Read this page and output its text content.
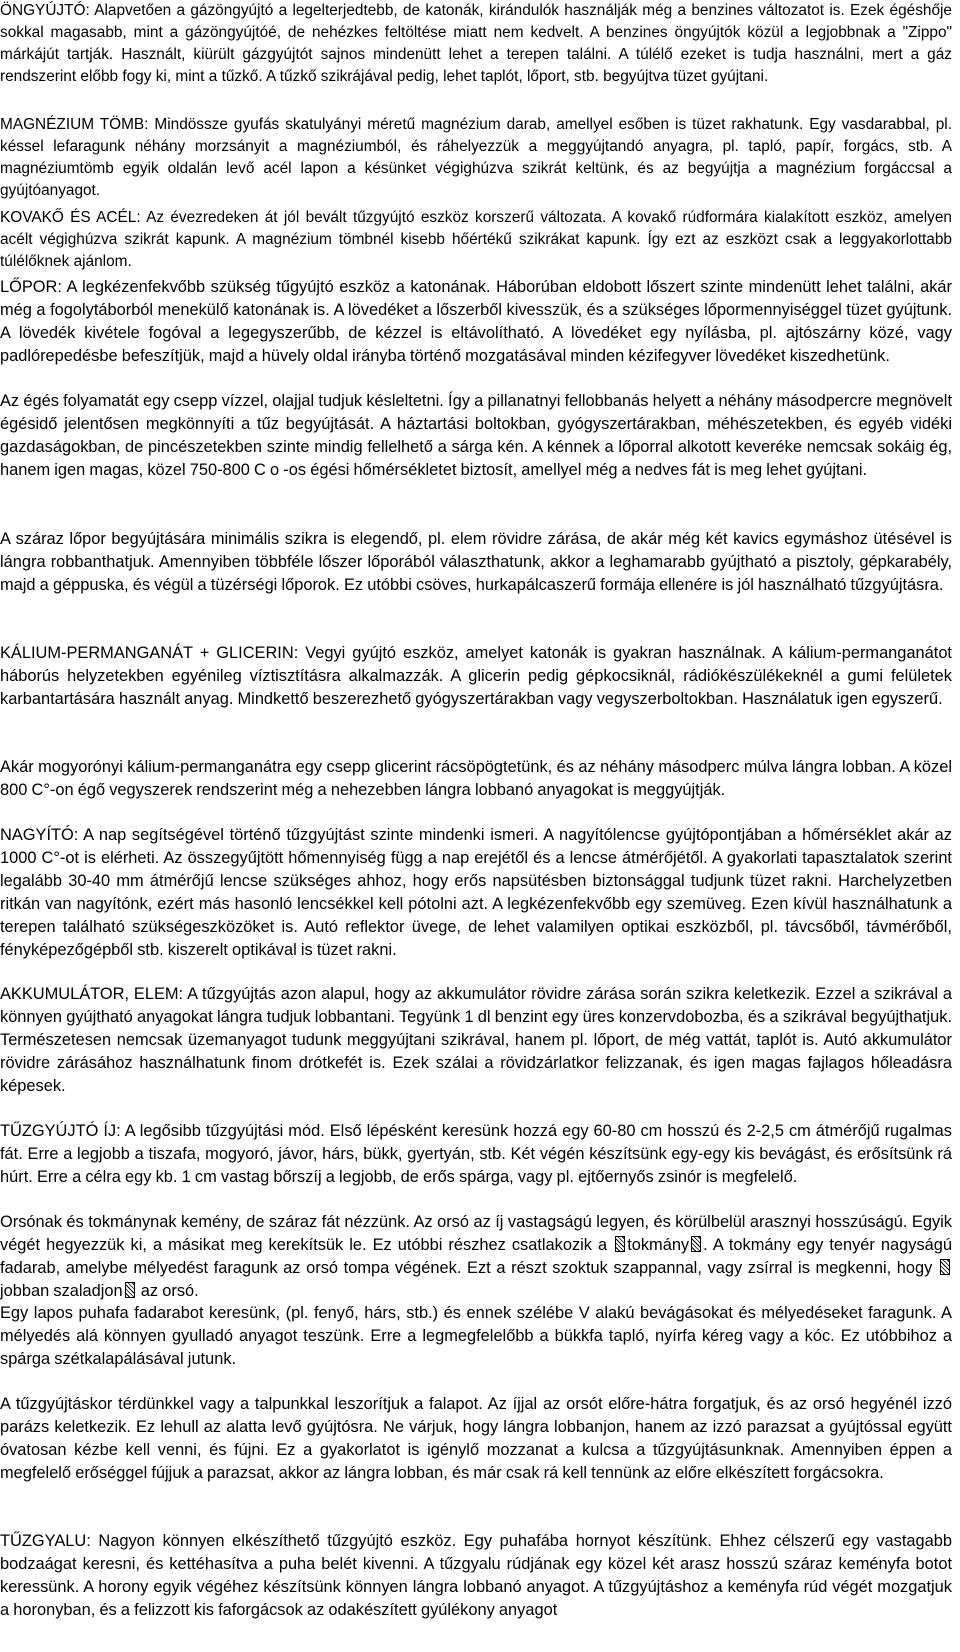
ÖNGYÚJTÓ: Alapvetően a gázöngyújtó a legelterjedtebb, de katonák, kirándulók használják még a benzines változatot is. Ezek égéshője sokkal magasabb, mint a gázöngyújtóé, de nehézkes feltöltése miatt nem kedvelt. A benzines öngyújtók közül a legjobbnak a "Zippo" márkájút tartják. Használt, kiürült gázgyújtót sajnos mindenütt lehet a terepen találni. A túlélő ezeket is tudja használni, mert a gáz rendszerint előbb fogy ki, mint a tűzkő. A tűzkő szikrájával pedig, lehet taplót, lőport, stb. begyújtva tüzet gyújtani.

MAGNÉZIUM TÖMB: Mindössze gyufás skatulyányi méretű magnézium darab, amellyel esőben is tüzet rakhatunk. Egy vasdarabbal, pl. késsel lefaragunk néhány morzsányit a magnéziumból, és ráhelyezzük a meggyújtandó anyagra, pl. tapló, papír, forgács, stb. A magnéziumtömb egyik oldalán levő acél lapon a késünket végighúzva szikrát keltünk, és az begyújtja a magnézium forgáccsal a gyújtóanyagot.

KOVAKŐ ÉS ACÉL: Az évezredeken át jól bevált tűzgyújtó eszköz korszerű változata. A kovakő rúdformára kialakított eszköz, amelyen acélt végighúzva szikrát kapunk. A magnézium tömbnél kisebb hőértékű szikrákat kapunk. Így ezt az eszközt csak a leggyakorlottabb túlélőknek ajánlom.

LŐPOR: A legkézenfekvőbb szükség tűgyújtó eszköz a katonának. Háborúban eldobott lőszert szinte mindenütt lehet találni, akár még a fogolytáborból menekülő katonának is. A lövedéket a lőszerből kivesszük, és a szükséges lőpormennyiséggel tüzet gyújtunk. A lövedék kivétele fogóval a legegyszerűbb, de kézzel is eltávolítható. A lövedéket egy nyílásba, pl. ajtószárny közé, vagy padlórepedésbe befeszítjük, majd a hüvely oldal irányba történő mozgatásával minden kézifegyver lövedéket kiszedhetünk.

Az égés folyamatát egy csepp vízzel, olajjal tudjuk késleltetni. Így a pillanatnyi fellobbanás helyett a néhány másodpercre megnövelt égésidő jelentősen megkönnyíti a tűz begyújtását. A háztartási boltokban, gyógyszertárakban, méhészetekben, és egyéb vidéki gazdaságokban, de pincészetekben szinte mindig fellelhető a sárga kén. A kénnek a lőporral alkotott keveréke nemcsak sokáig ég, hanem igen magas, közel 750-800 C o -os égési hőmérsékletet biztosít, amellyel még a nedves fát is meg lehet gyújtani.

A száraz lőpor begyújtására minimális szikra is elegendő, pl. elem rövidre zárása, de akár még két kavics egymáshoz ütésével is lángra robbanthatjuk. Amennyiben többféle lőszer lőporából választhatunk, akkor a leghamarabb gyújtható a pisztoly, gépkarabély, majd a géppuska, és végül a tüzérségi lőporok. Ez utóbbi csöves, hurkapálcaszerű formája ellenére is jól használható tűzgyújtásra.

KÁLIUM-PERMANGANÁT + GLICERIN: Vegyi gyújtó eszköz, amelyet katonák is gyakran használnak. A kálium-permanganátot háborús helyzetekben egyénileg víztisztításra alkalmazzák. A glicerin pedig gépkocsiknál, rádiókészülékeknél a gumi felületek karbantartására használt anyag. Mindkettő beszerezhető gyógyszertárakban vagy vegyszerboltokban. Használatuk igen egyszerű.

Akár mogyorónyi kálium-permanganátra egy csepp glicerint rácsöpögtetünk, és az néhány másodperc múlva lángra lobban. A közel 800 C°-on égő vegyszerek rendszerint még a nehezebben lángra lobbanó anyagokat is meggyújtják.

NAGYÍTÓ: A nap segítségével történő tűzgyújtást szinte mindenki ismeri. A nagyítólencse gyújtópontjában a hőmérséklet akár az 1000 C°-ot is elérheti. Az összegyűjtött hőmennyiség függ a nap erejétől és a lencse átmérőjétől. A gyakorlati tapasztalatok szerint legalább 30-40 mm átmérőjű lencse szükséges ahhoz, hogy erős napsütésben biztonsággal tudjunk tüzet rakni. Harchelyzetben ritkán van nagyítónk, ezért más hasonló lencsékkel kell pótolni azt. A legkézenfekvőbb egy szemüveg. Ezen kívül használhatunk a terepen található szükségeszközöket is. Autó reflektor üvege, de lehet valamilyen optikai eszközből, pl. távcsőből, távmérőből, fényképezőgépből stb. kiszerelt optikával is tüzet rakni.

AKKUMULÁTOR, ELEM: A tűzgyújtás azon alapul, hogy az akkumulátor rövidre zárása során szikra keletkezik. Ezzel a szikrával a könnyen gyújtható anyagokat lángra tudjuk lobbantani. Tegyünk 1 dl benzint egy üres konzervdobozba, és a szikrával begyújthatjuk. Természetesen nemcsak üzemanyagot tudunk meggyújtani szikrával, hanem pl. lőport, de még vattát, taplót is. Autó akkumulátor rövidre zárásához használhatunk finom drótkefét is. Ezek szálai a rövidzárlatkor felizzanak, és igen magas fajlagos hőleadásra képesek.

TŰZGYÚJTÓ ÍJ: A legősibb tűzgyújtási mód. Első lépésként keresünk hozzá egy 60-80 cm hosszú és 2-2,5 cm átmérőjű rugalmas fát. Erre a legjobb a tiszafa, mogyoró, jávor, hárs, bükk, gyertyán, stb. Két végén készítsünk egy-egy kis bevágást, és erősítsünk rá húrt. Erre a célra egy kb. 1 cm vastag bőrszíj a legjobb, de erős spárga, vagy pl. ejtőernyős zsinór is megfelelő.

Orsónak és tokmánynak kemény, de száraz fát nézzünk. Az orsó az íj vastagságú legyen, és körülbelül arasznyi hosszúságú. Egyik végét hegyezzük ki, a másikat meg kerekítsük le. Ez utóbbi részhez csatlakozik a tokmány . A tokmány egy tenyér nagyságú fadarab, amelybe mélyedést faragunk az orsó tompa végének. Ezt a részt szoktuk szappannal, vagy zsírral is megkenni, hogy jobban szaladjon az orsó.

Egy lapos puhafa fadarabot keresünk, (pl. fenyő, hárs, stb.) és ennek szélébe V alakú bevágásokat és mélyedéseket faragunk. A mélyedés alá könnyen gyulladó anyagot teszünk. Erre a legmegfelelőbb a bükkfa tapló, nyírfa kéreg vagy a kóc. Ez utóbbihoz a spárga szétkalapálásával jutunk.

A tűzgyújtáskor térdünkkel vagy a talpunkkal leszorítjuk a falapot. Az íjjal az orsót előre-hátra forgatjuk, és az orsó hegyénél izzó parázs keletkezik. Ez lehull az alatta levő gyújtósra. Ne várjuk, hogy lángra lobbanjon, hanem az izzó parazsat a gyújtóssal együtt óvatosan kézbe kell venni, és fújni. Ez a gyakorlatot is igénylő mozzanat a kulcsa a tűzgyújtásunknak. Amennyiben éppen a megfelelő erőséggel fújjuk a parazsat, akkor az lángra lobban, és már csak rá kell tennünk az előre elkészített forgácsokra.

TŰZGYALU: Nagyon könnyen elkészíthető tűzgyújtó eszköz. Egy puhafába hornyot készítünk. Ehhez célszerű egy vastagabb bodzaágat keresni, és kettéhasítva a puha belét kivenni. A tűzgyalu rúdjának egy közel két arasz hosszú száraz keményfa botot keressünk. A horony egyik végéhez készítsünk könnyen lángra lobbanó anyagot. A tűzgyújtáshoz a keményfa rúd végét mozgatjuk a horonyban, és a felizzott kis faforgácsok az odakészített gyúlékony anyagot
